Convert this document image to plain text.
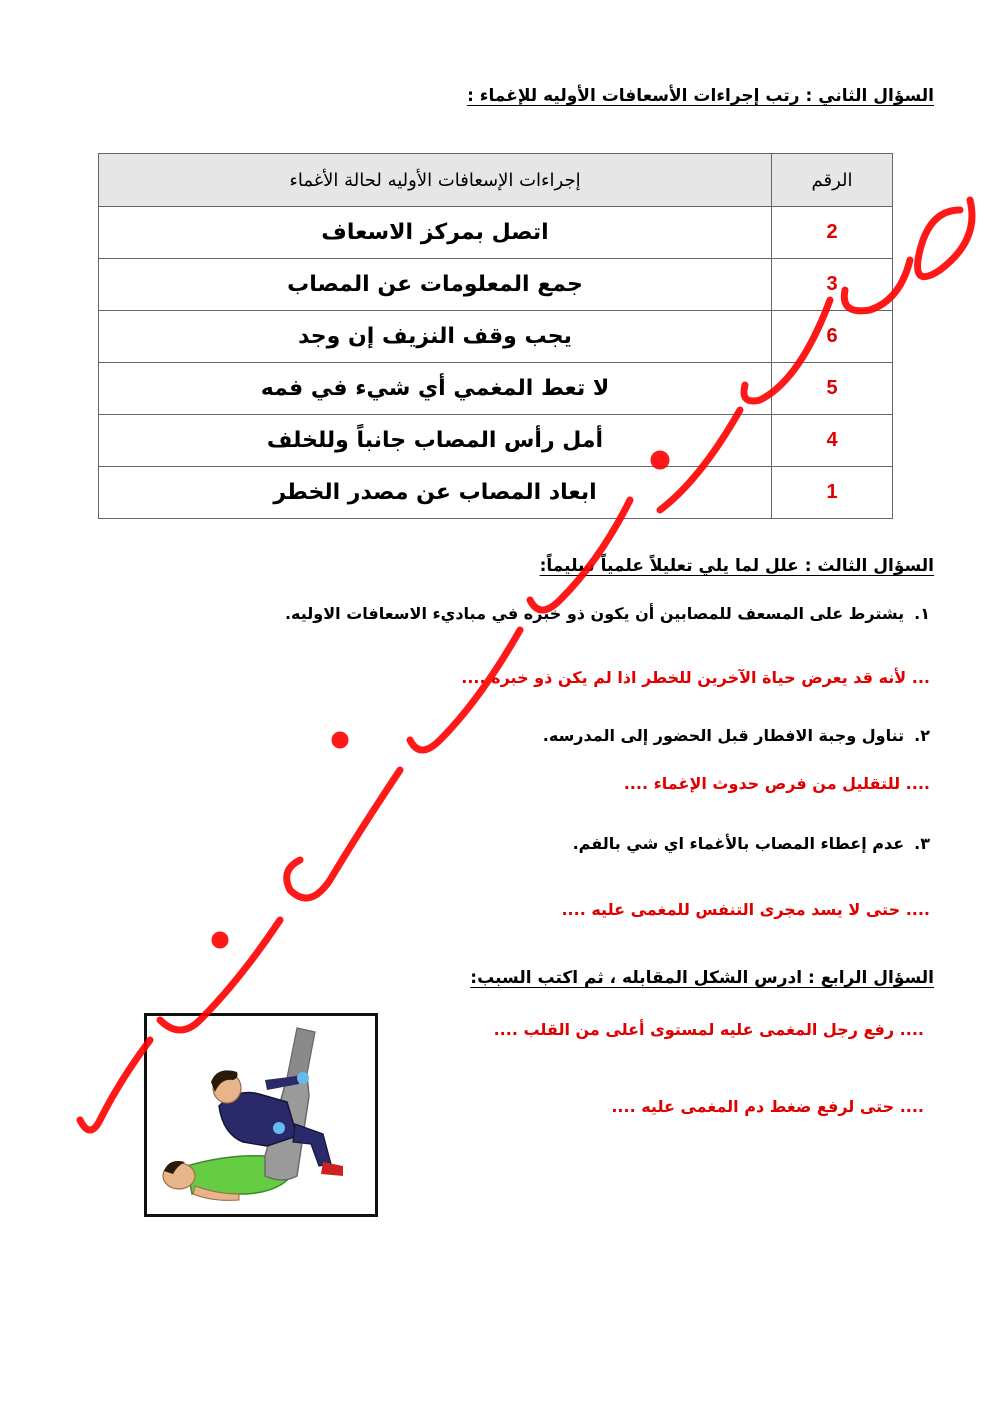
السؤال الثاني : رتب إجراءات الأسعافات الأوليه للإغماء :
الرقم	إجراءات الإسعافات الأوليه لحالة الأغماء
2	اتصل بمركز الاسعاف
3	جمع المعلومات عن المصاب
6	يجب وقف النزيف إن وجد
5	لا تعط المغمي أي شيء في فمه
4	أمل رأس المصاب جانباً وللخلف
1	ابعاد المصاب عن مصدر الخطر
السؤال الثالث : علل لما يلي تعليلاً علمياً سليماً:
١.يشترط على المسعف للمصابين أن يكون ذو خبره في مباديء الاسعافات الاوليه.
... لأنه قد يعرض حياة الآخرين للخطر اذا لم يكن ذو خبره ....
٢.تناول وجبة الافطار قبل الحضور إلى المدرسه.
.... للتقليل من فرص حدوث الإغماء ....
٣.عدم إعطاء المصاب بالأغماء اي شي بالفم.
.... حتى لا يسد مجرى التنفس للمغمى عليه ....
السؤال الرابع : ادرس الشكل المقابله ، ثم اكتب السبب:
.... رفع رجل المغمى عليه لمستوى أعلى من القلب ....
.... حتى لرفع ضغط دم المغمى عليه ....
